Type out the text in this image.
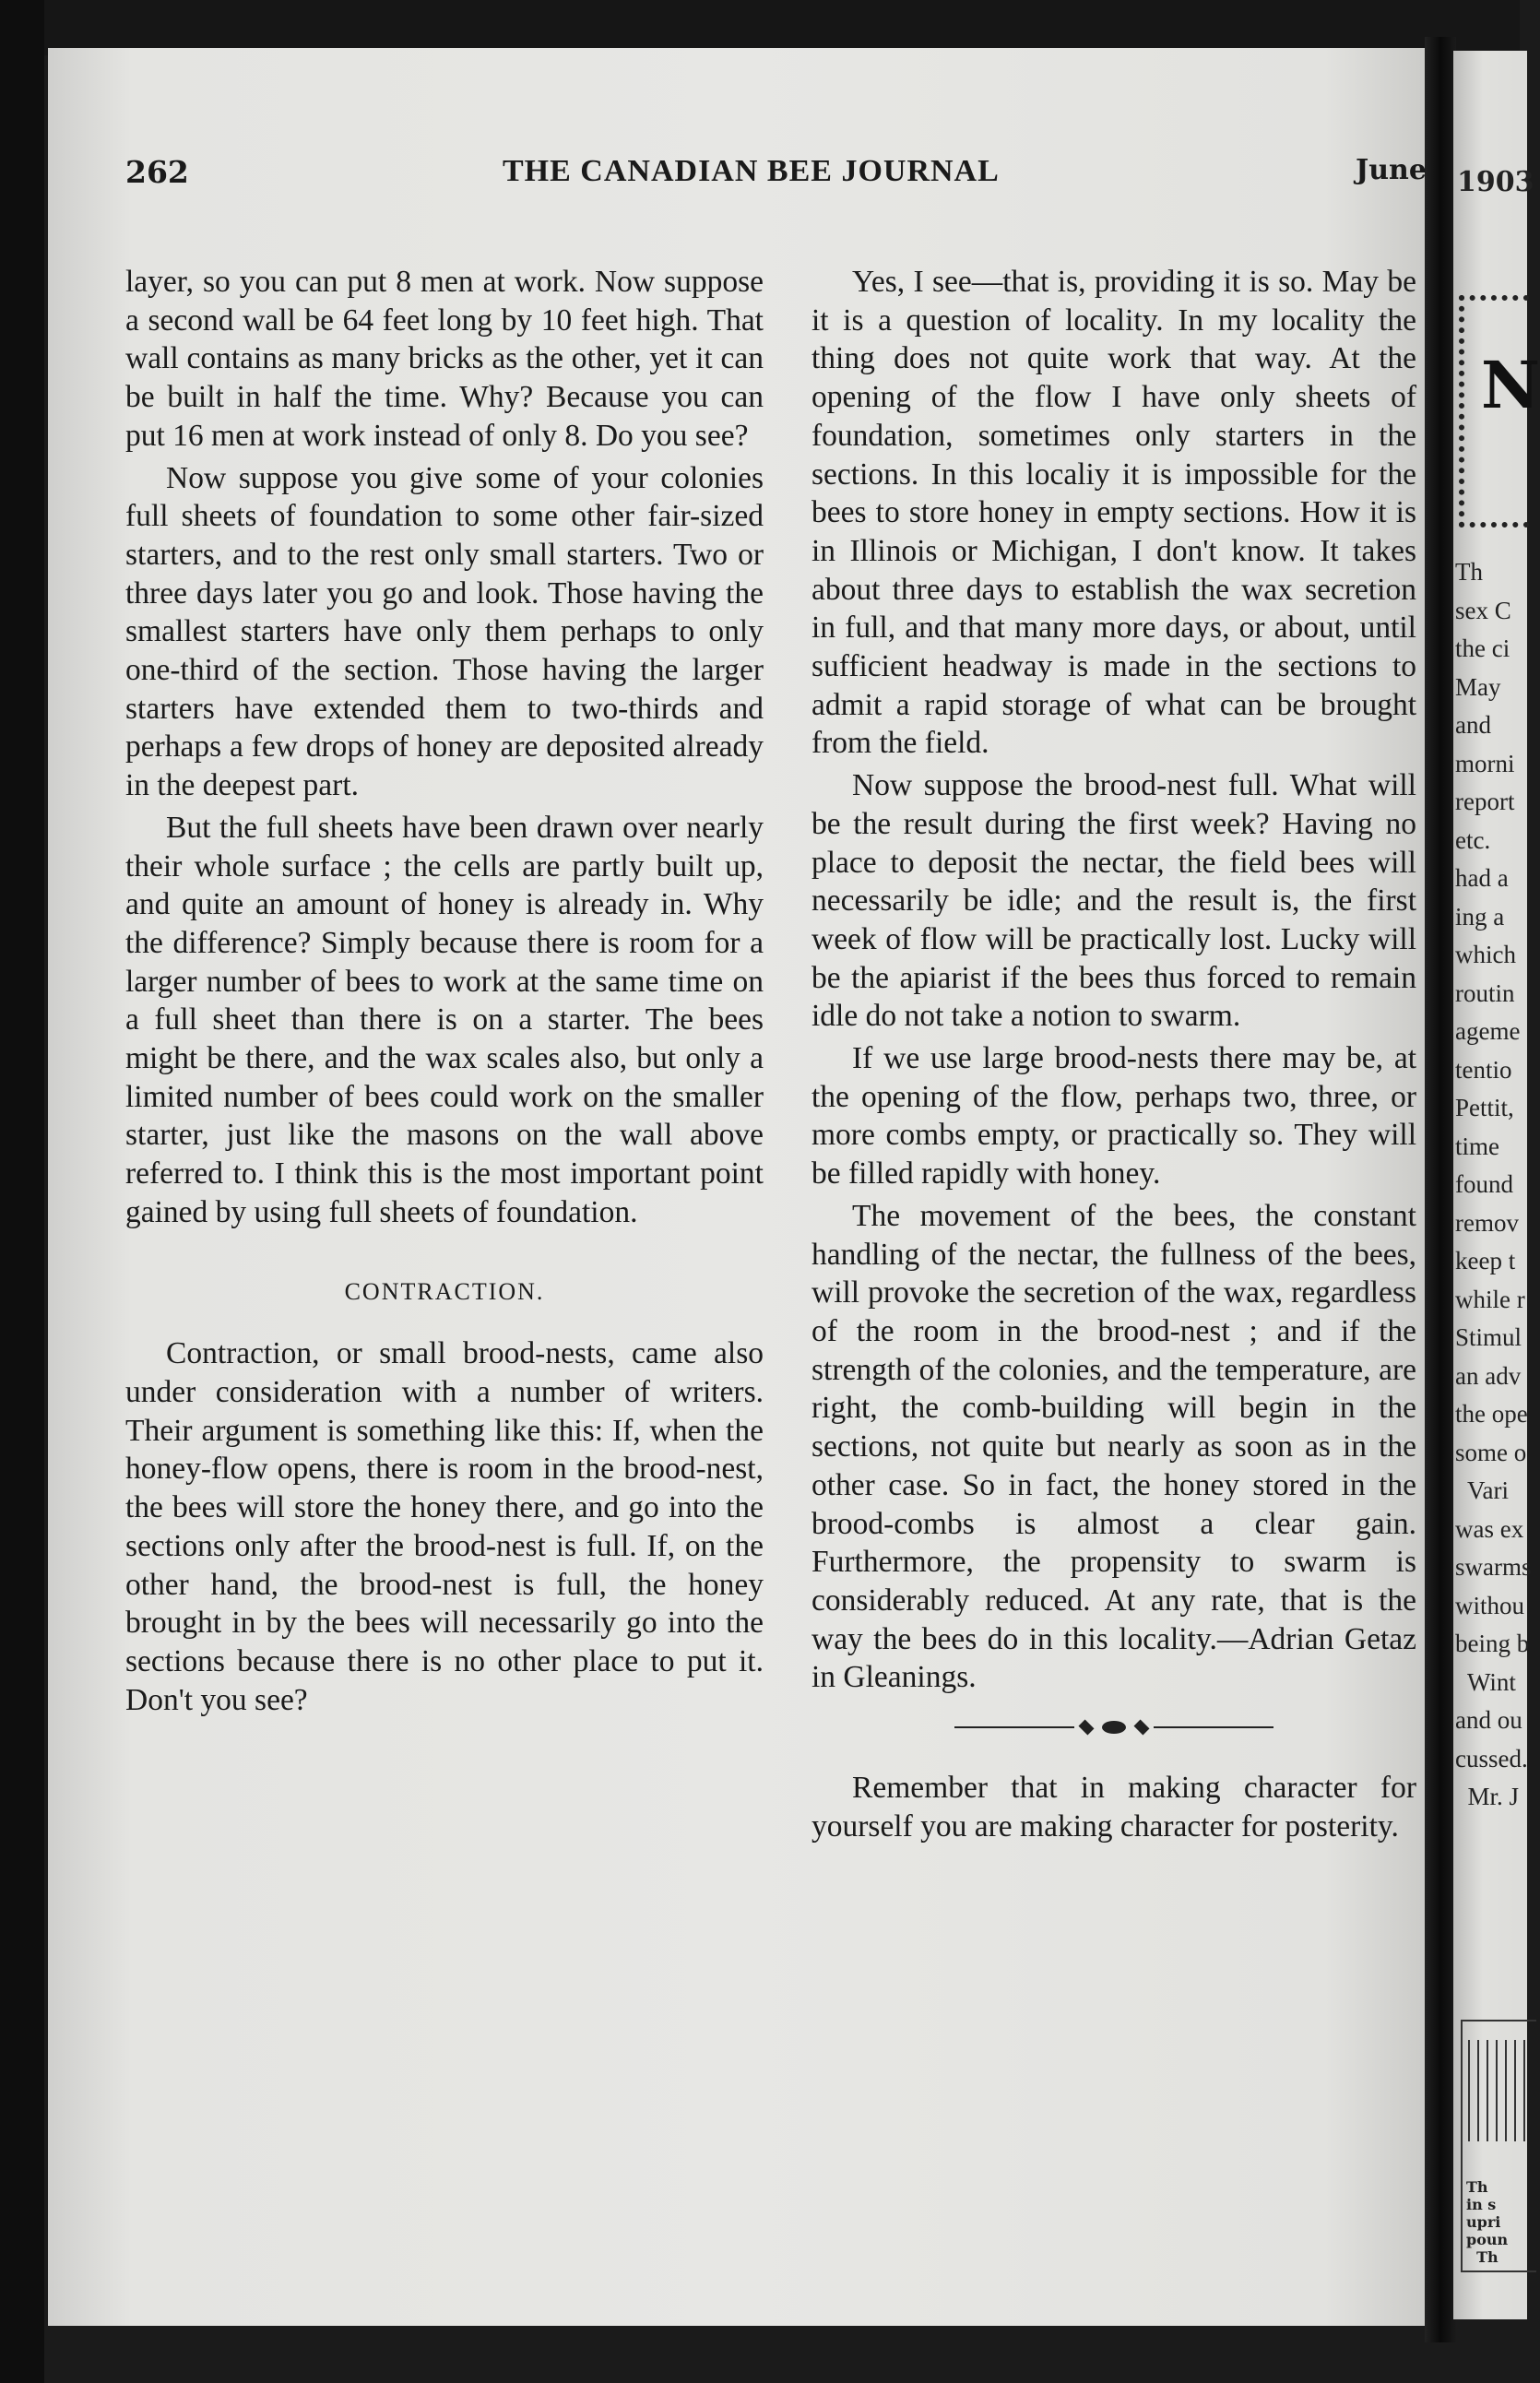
1903
N
Th
sex C
the ci
May
and
morni
report
etc.
had a
ing a
which
routin
ageme
tentio
Pettit,
time
found
remov
keep t
while r
Stimul
an adv
the ope
some o
Vari
was ex
swarms
withou
being b
Wint
and ou
cussed.
Mr. J
Th
in s
upri
poun
Th
262	THE CANADIAN BEE JOURNAL	June

layer, so you can put 8 men at work. Now suppose a second wall be 64 feet long by 10 feet high. That wall contains as many bricks as the other, yet it can be built in half the time. Why? Because you can put 16 men at work instead of only 8. Do you see?

Now suppose you give some of your colonies full sheets of foundation to some other fair-sized starters, and to the rest only small starters. Two or three days later you go and look. Those having the smallest starters have only them perhaps to only one-third of the section. Those having the larger starters have extended them to two-thirds and perhaps a few drops of honey are deposited already in the deepest part.

But the full sheets have been drawn over nearly their whole surface ; the cells are partly built up, and quite an amount of honey is already in. Why the difference? Simply because there is room for a larger number of bees to work at the same time on a full sheet than there is on a starter. The bees might be there, and the wax scales also, but only a limited number of bees could work on the smaller starter, just like the masons on the wall above referred to. I think this is the most important point gained by using full sheets of foundation.

CONTRACTION.

Contraction, or small brood-nests, came also under consideration with a number of writers. Their argument is something like this: If, when the honey-flow opens, there is room in the brood-nest, the bees will store the honey there, and go into the sections only after the brood-nest is full. If, on the other hand, the brood-nest is full, the honey brought in by the bees will necessarily go into the sections because there is no other place to put it. Don't you see?

Yes, I see—that is, providing it is so. May be it is a question of locality. In my locality the thing does not quite work that way. At the opening of the flow I have only sheets of foundation, sometimes only starters in the sections. In this localiy it is impossible for the bees to store honey in empty sections. How it is in Illinois or Michigan, I don't know. It takes about three days to establish the wax secretion in full, and that many more days, or about, until sufficient headway is made in the sections to admit a rapid storage of what can be brought from the field.

Now suppose the brood-nest full. What will be the result during the first week? Having no place to deposit the nectar, the field bees will necessarily be idle; and the result is, the first week of flow will be practically lost. Lucky will be the apiarist if the bees thus forced to remain idle do not take a notion to swarm.

If we use large brood-nests there may be, at the opening of the flow, perhaps two, three, or more combs empty, or practically so. They will be filled rapidly with honey.

The movement of the bees, the constant handling of the nectar, the fullness of the bees, will provoke the secretion of the wax, regardless of the room in the brood-nest ; and if the strength of the colonies, and the temperature, are right, the comb-building will begin in the sections, not quite but nearly as soon as in the other case. So in fact, the honey stored in the brood-combs is almost a clear gain. Furthermore, the propensity to swarm is considerably reduced. At any rate, that is the way the bees do in this locality.—Adrian Getaz in Gleanings.

Remember that in making character for yourself you are making character for posterity.
